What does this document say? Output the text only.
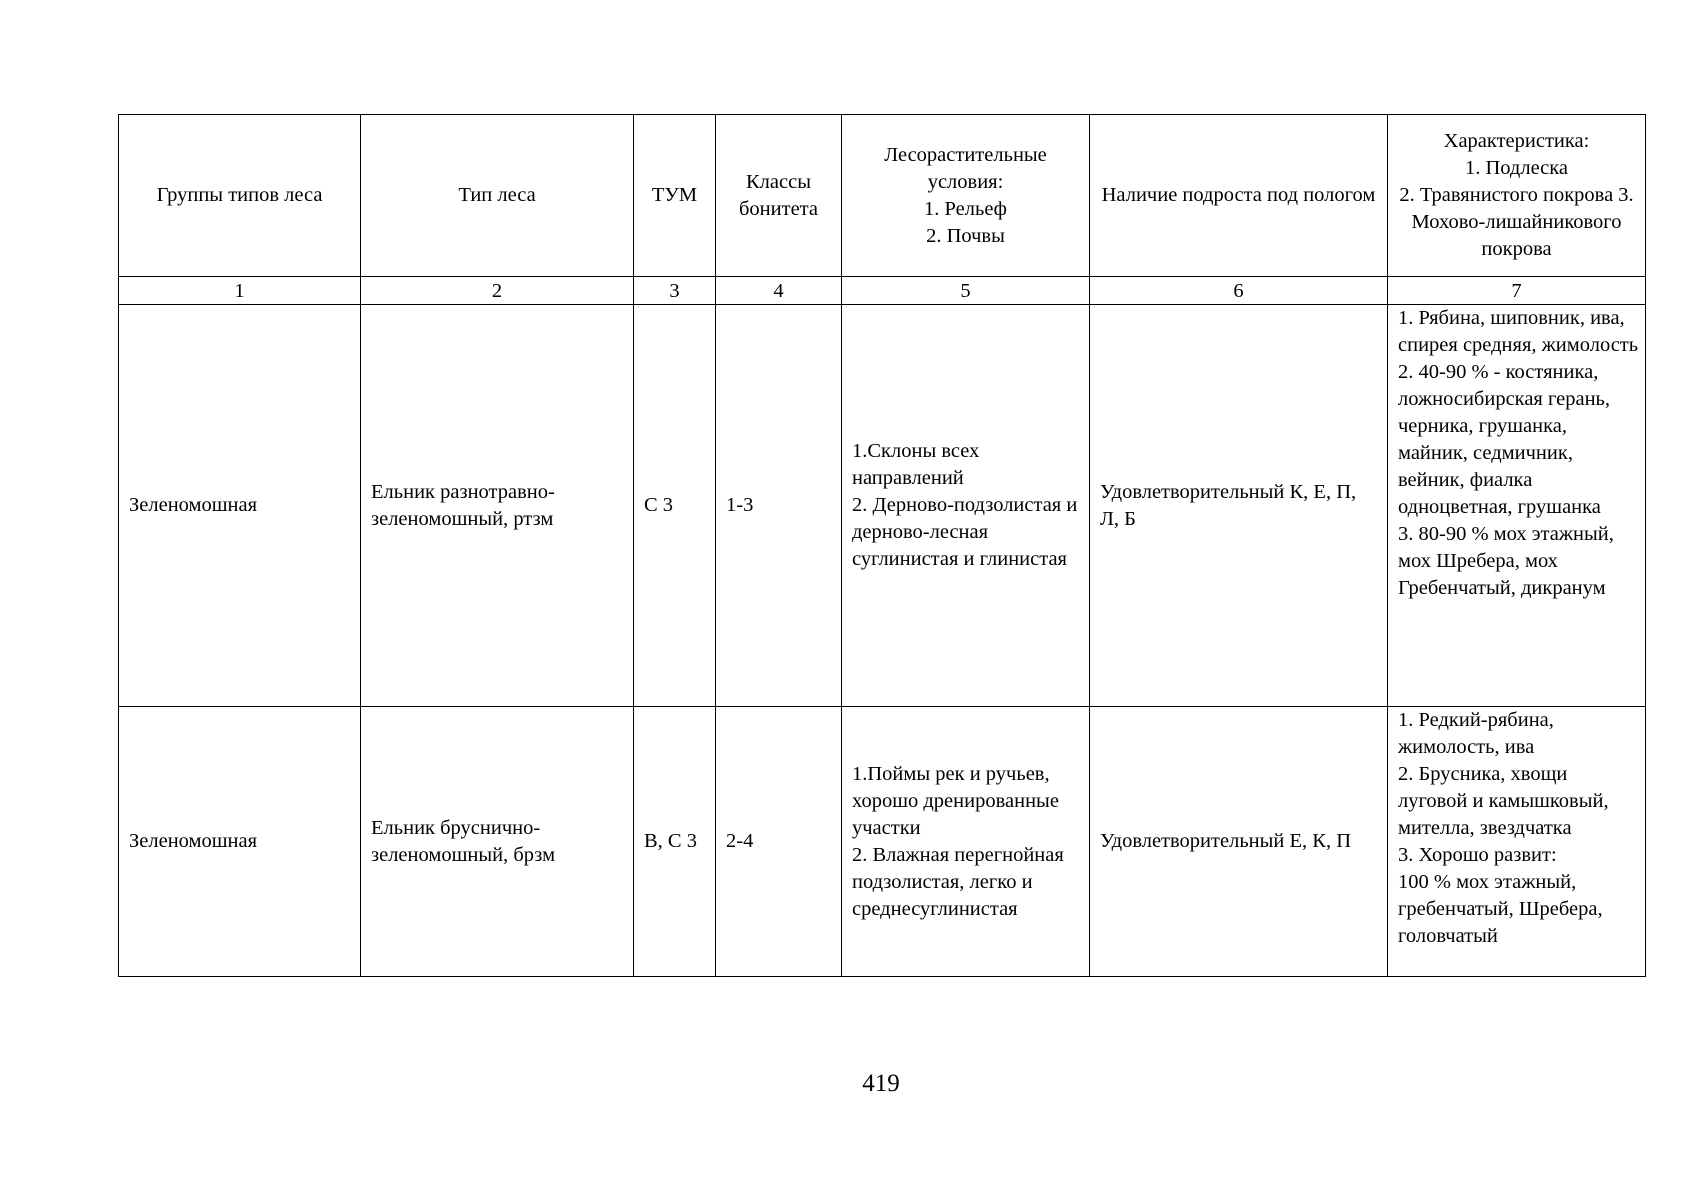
Группы типов леса	Тип леса	ТУМ	Классы бонитета	Лесорастительные условия:
1. Рельеф
2. Почвы	Наличие подроста под пологом	Характеристика:
1. Подлеска
2. Травянистого покрова 3. Мохово-лишайникового покрова
1	2	3	4	5	6	7
Зеленомошная	Ельник разнотравно-зеленомошный, ртзм	С 3	1-3	1.Склоны всех направлений
2. Дерново-подзолистая и дерново-лесная суглинистая и глинистая	Удовлетворительный К, Е, П, Л, Б	1. Рябина, шиповник, ива, спирея средняя, жимолость
2. 40-90 % - костяника, ложносибирская герань, черника, грушанка, майник, седмичник, вейник, фиалка одноцветная, грушанка
3. 80-90 % мох этажный, мох Шребера, мох Гребенчатый, дикранум
Зеленомошная	Ельник бруснично-зеленомошный, брзм	В, С 3	2-4	1.Поймы рек и ручьев, хорошо дренированные участки
2. Влажная перегнойная подзолистая, легко и среднесуглинистая	Удовлетворительный Е, К, П	1. Редкий-рябина, жимолость, ива
2. Брусника, хвощи луговой и камышковый, мителла, звездчатка
3. Хорошо развит:
100 % мох этажный, гребенчатый, Шребера, головчатый
419
